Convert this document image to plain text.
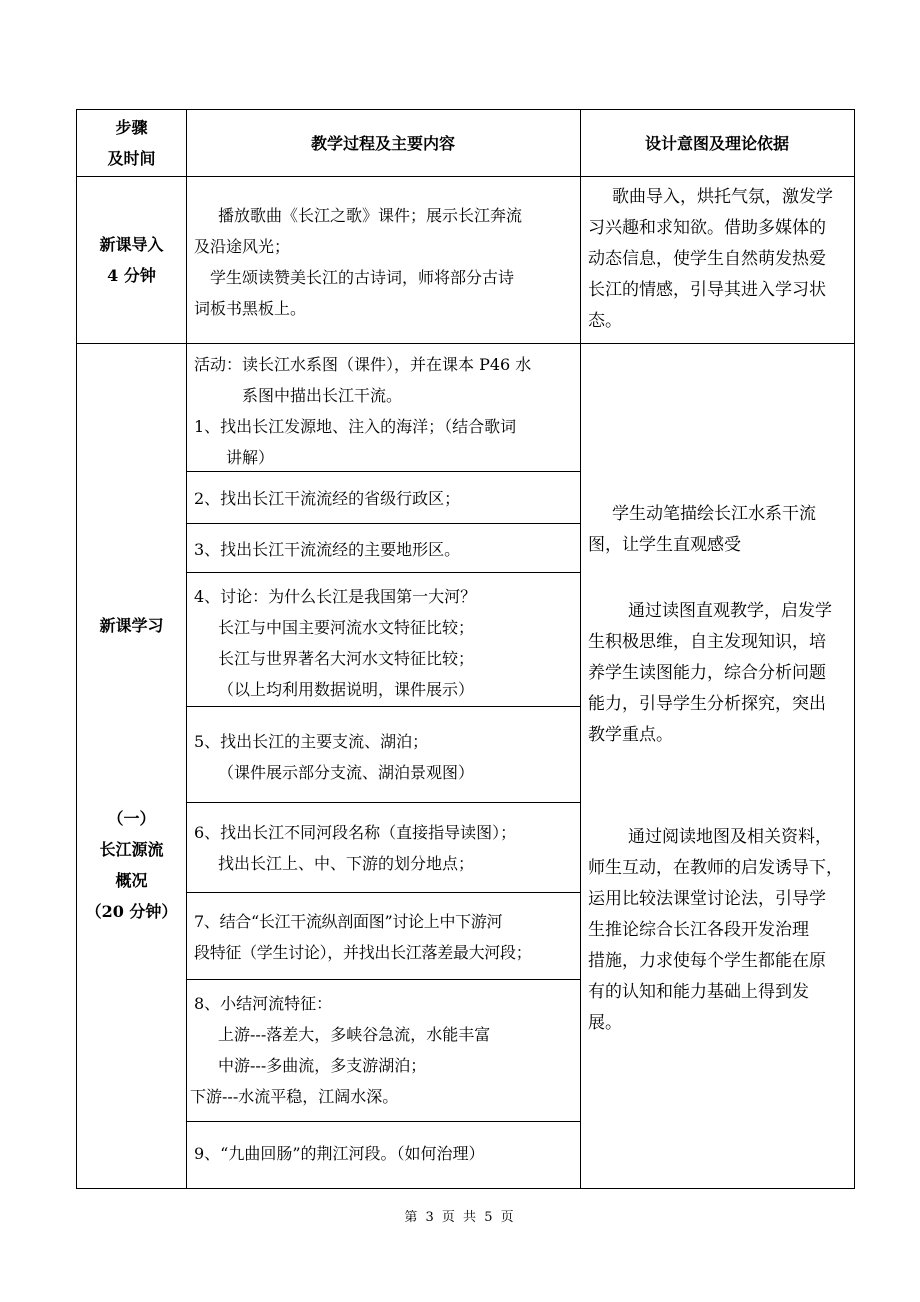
步骤
及时间
教学过程及主要内容	设计意图及理论依据
新课导入
4 分钟
播放歌曲《长江之歌》课件；展示长江奔流
及沿途风光；
学生颂读赞美长江的古诗词，师将部分古诗
词板书黑板上。
歌曲导入，烘托气氛，激发学
习兴趣和求知欲。借助多媒体的
动态信息，使学生自然萌发热爱
长江的情感，引导其进入学习状
态。
新课学习
（一）
长江源流
概况
（20 分钟）
活动：读长江水系图（课件），并在课本 P46 水
系图中描出长江干流。
1、找出长江发源地、注入的海洋；（结合歌词
讲解）
2、找出长江干流流经的省级行政区；
3、找出长江干流流经的主要地形区。
4、讨论：为什么长江是我国第一大河？
长江与中国主要河流水文特征比较；
长江与世界著名大河水文特征比较；
（以上均利用数据说明，课件展示）
5、找出长江的主要支流、湖泊；
（课件展示部分支流、湖泊景观图）
6、找出长江不同河段名称（直接指导读图）；
找出长江上、中、下游的划分地点；
7、结合“长江干流纵剖面图”讨论上中下游河
段特征（学生讨论），并找出长江落差最大河段；
8、小结河流特征：
上游---落差大，多峡谷急流，水能丰富
中游---多曲流，多支游湖泊；
下游---水流平稳，江阔水深。
9、“九曲回肠”的荆江河段。（如何治理）
学生动笔描绘长江水系干流
图，让学生直观感受
通过读图直观教学，启发学
生积极思维，自主发现知识，培
养学生读图能力，综合分析问题
能力，引导学生分析探究，突出
教学重点。
通过阅读地图及相关资料，
师生互动，在教师的启发诱导下，
运用比较法课堂讨论法，引导学
生推论综合长江各段开发治理
措施，力求使每个学生都能在原
有的认知和能力基础上得到发
展。
第 3 页 共 5 页
